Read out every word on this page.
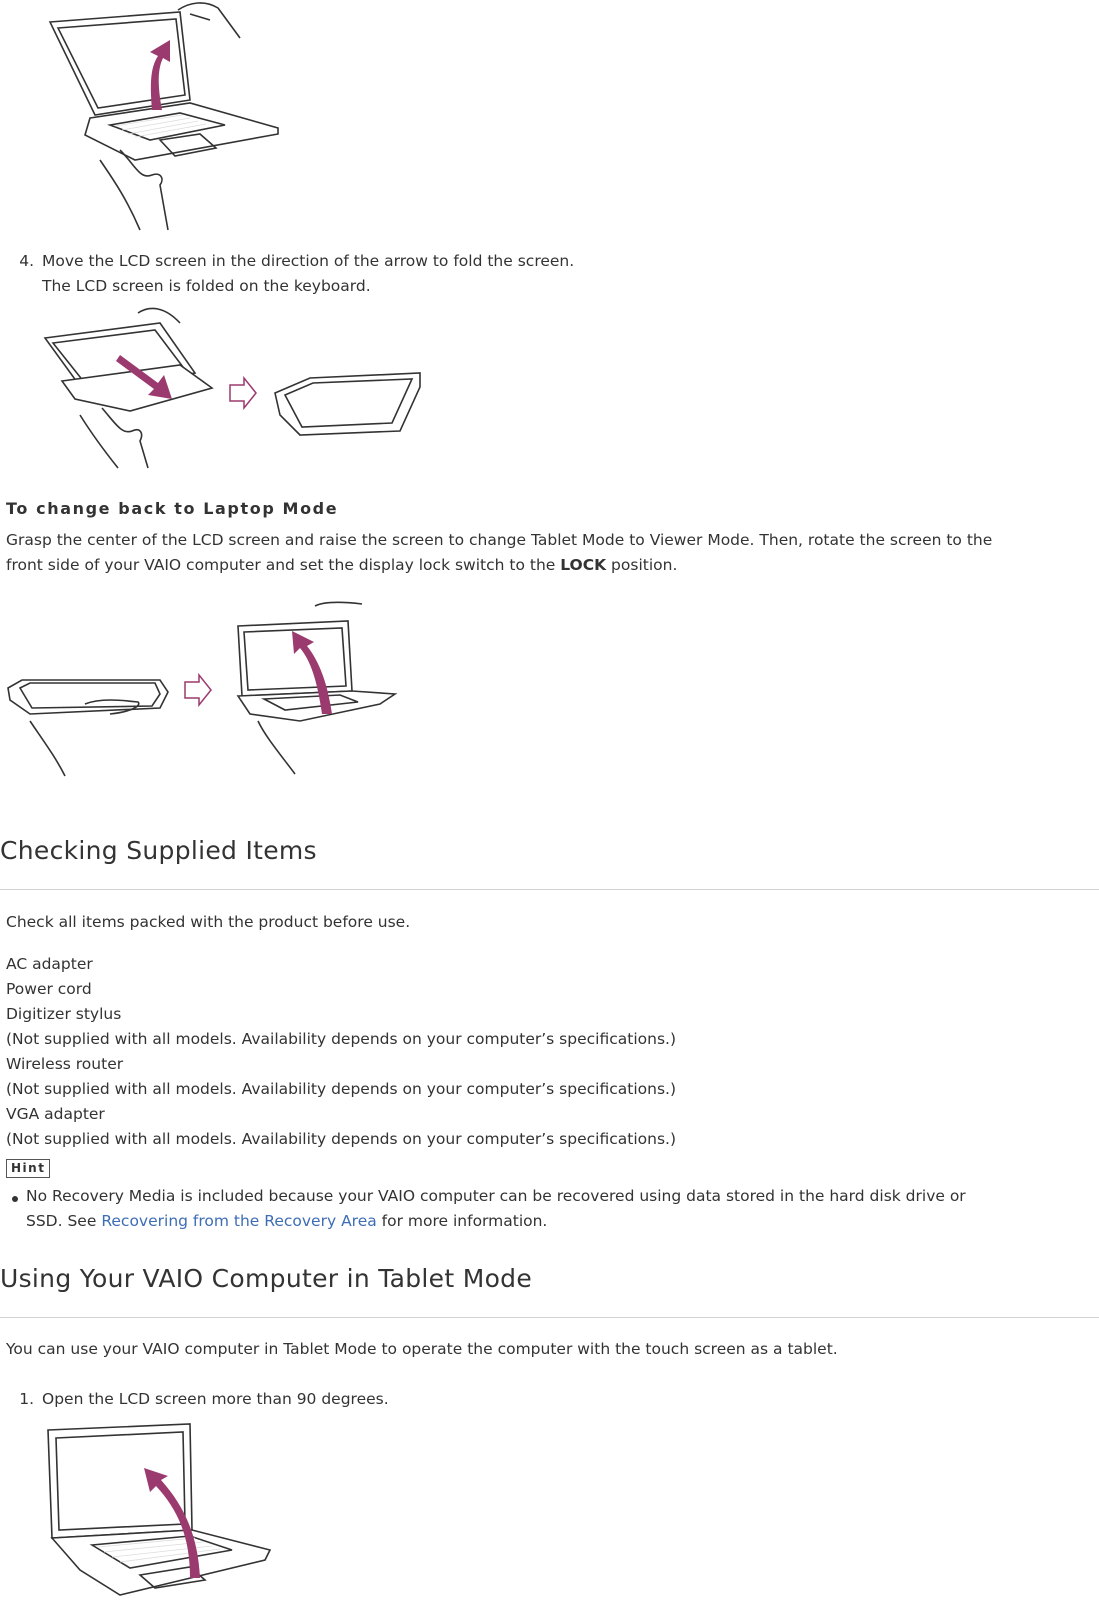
4. Move the LCD screen in the direction of the arrow to fold the screen.
The LCD screen is folded on the keyboard.
To change back to Laptop Mode
Grasp the center of the LCD screen and raise the screen to change Tablet Mode to Viewer Mode. Then, rotate the screen to the
front side of your VAIO computer and set the display lock switch to the LOCK position.
Checking Supplied Items
Check all items packed with the product before use.
AC adapter
Power cord
Digitizer stylus
(Not supplied with all models. Availability depends on your computer’s specifications.)
Wireless router
(Not supplied with all models. Availability depends on your computer’s specifications.)
VGA adapter
(Not supplied with all models. Availability depends on your computer’s specifications.)
Hint
No Recovery Media is included because your VAIO computer can be recovered using data stored in the hard disk drive or
SSD. See Recovering from the Recovery Area for more information.
Using Your VAIO Computer in Tablet Mode
You can use your VAIO computer in Tablet Mode to operate the computer with the touch screen as a tablet.
1. Open the LCD screen more than 90 degrees.
